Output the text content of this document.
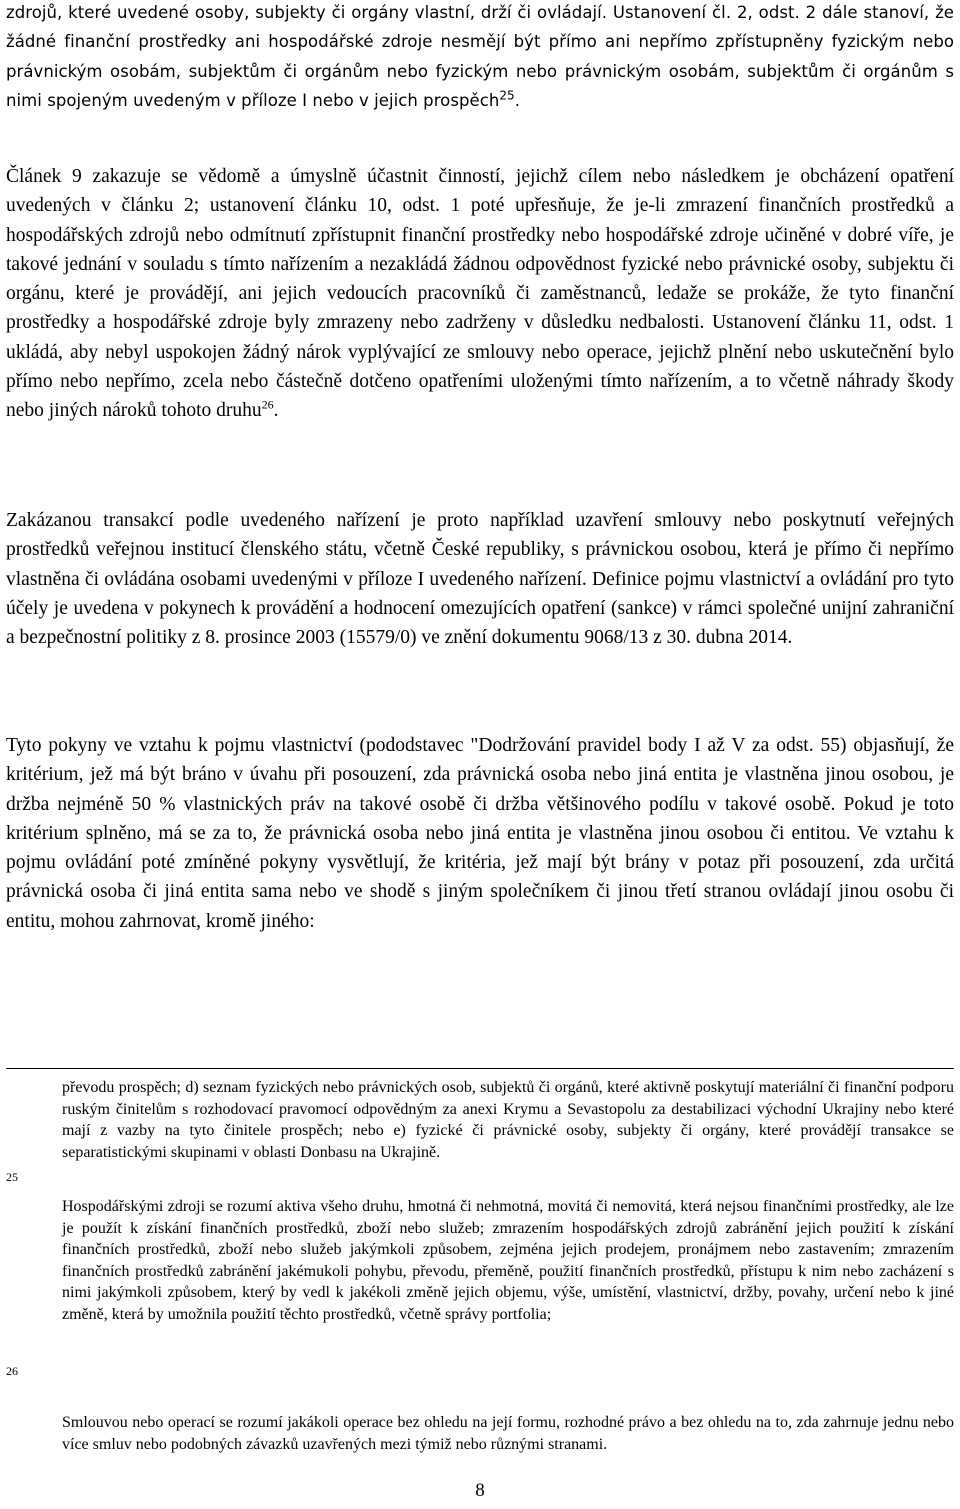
zdrojů, které uvedené osoby, subjekty či orgány vlastní, drží či ovládají. Ustanovení čl. 2, odst. 2 dále stanoví, že žádné finanční prostředky ani hospodářské zdroje nesmějí být přímo ani nepřímo zpřístupněny fyzickým nebo právnickým osobám, subjektům či orgánům nebo fyzickým nebo právnickým osobám, subjektům či orgánům s nimi spojeným uvedeným v příloze I nebo v jejich prospěch$^{25}$.

Článek 9 zakazuje se vědomě a úmyslně účastnit činností, jejichž cílem nebo následkem je obcházení opatření uvedených v článku 2; ustanovení článku 10, odst. 1 poté upřesňuje, že je-li zmrazení finančních prostředků a hospodářských zdrojů nebo odmítnutí zpřístupnit finanční prostředky nebo hospodářské zdroje učiněné v dobré víře, je takové jednání v souladu s tímto nařízením a nezakládá žádnou odpovědnost fyzické nebo právnické osoby, subjektu či orgánu, které je provádějí, ani jejich vedoucích pracovníků či zaměstnanců, ledaže se prokáže, že tyto finanční prostředky a hospodářské zdroje byly zmrazeny nebo zadrženy v důsledku nedbalosti. Ustanovení článku 11, odst. 1 ukládá, aby nebyl uspokojen žádný nárok vyplývající ze smlouvy nebo operace, jejichž plnění nebo uskutečnění bylo přímo nebo nepřímo, zcela nebo částečně dotčeno opatřeními uloženými tímto nařízením, a to včetně náhrady škody nebo jiných nároků tohoto druhu$^{26}$.

Zakázanou transakcí podle uvedeného nařízení je proto například uzavření smlouvy nebo poskytnutí veřejných prostředků veřejnou institucí členského státu, včetně České republiky, s právnickou osobou, která je přímo či nepřímo vlastněna či ovládána osobami uvedenými v příloze I uvedeného nařízení. Definice pojmu vlastnictví a ovládání pro tyto účely je uvedena v pokynech k provádění a hodnocení omezujících opatření (sankce) v rámci společné unijní zahraniční a bezpečnostní politiky z 8. prosince 2003 (15579/0) ve znění dokumentu 9068/13 z 30. dubna 2014.

Tyto pokyny ve vztahu k pojmu vlastnictví (pododstavec "Dodržování pravidel body I až V za odst. 55) objasňují, že kritérium, jež má být bráno v úvahu při posouzení, zda právnická osoba nebo jiná entita je vlastněna jinou osobou, je držba nejméně 50 % vlastnických práv na takové osobě či držba většinového podílu v takové osobě. Pokud je toto kritérium splněno, má se za to, že právnická osoba nebo jiná entita je vlastněna jinou osobou či entitou. Ve vztahu k pojmu ovládání poté zmíněné pokyny vysvětlují, že kritéria, jež mají být brány v potaz při posouzení, zda určitá právnická osoba či jiná entita sama nebo ve shodě s jiným společníkem či jinou třetí stranou ovládají jinou osobu či entitu, mohou zahrnovat, kromě jiného:

převodu prospěch; d) seznam fyzických nebo právnických osob, subjektů či orgánů, které aktivně poskytují materiální či finanční podporu ruským činitelům s rozhodovací pravomocí odpovědným za anexi Krymu a Sevastopolu za destabilizaci východní Ukrajiny nebo které mají z vazby na tyto činitele prospěch; nebo e) fyzické či právnické osoby, subjekty či orgány, které provádějí transakce se separatistickými skupinami v oblasti Donbasu na Ukrajině.

25

Hospodářskými zdroji se rozumí aktiva všeho druhu, hmotná či nehmotná, movitá či nemovitá, která nejsou finančními prostředky, ale lze je použít k získání finančních prostředků, zboží nebo služeb; zmrazením hospodářských zdrojů zabránění jejich použití k získání finančních prostředků, zboží nebo služeb jakýmkoli způsobem, zejména jejich prodejem, pronájmem nebo zastavením; zmrazením finančních prostředků zabránění jakémukoli pohybu, převodu, přeměně, použití finančních prostředků, přístupu k nim nebo zacházení s nimi jakýmkoli způsobem, který by vedl k jakékoli změně jejich objemu, výše, umístění, vlastnictví, držby, povahy, určení nebo k jiné změně, která by umožnila použití těchto prostředků, včetně správy portfolia;

26

Smlouvou nebo operací se rozumí jakákoli operace bez ohledu na její formu, rozhodné právo a bez ohledu na to, zda zahrnuje jednu nebo více smluv nebo podobných závazků uzavřených mezi týmiž nebo různými stranami.

8
